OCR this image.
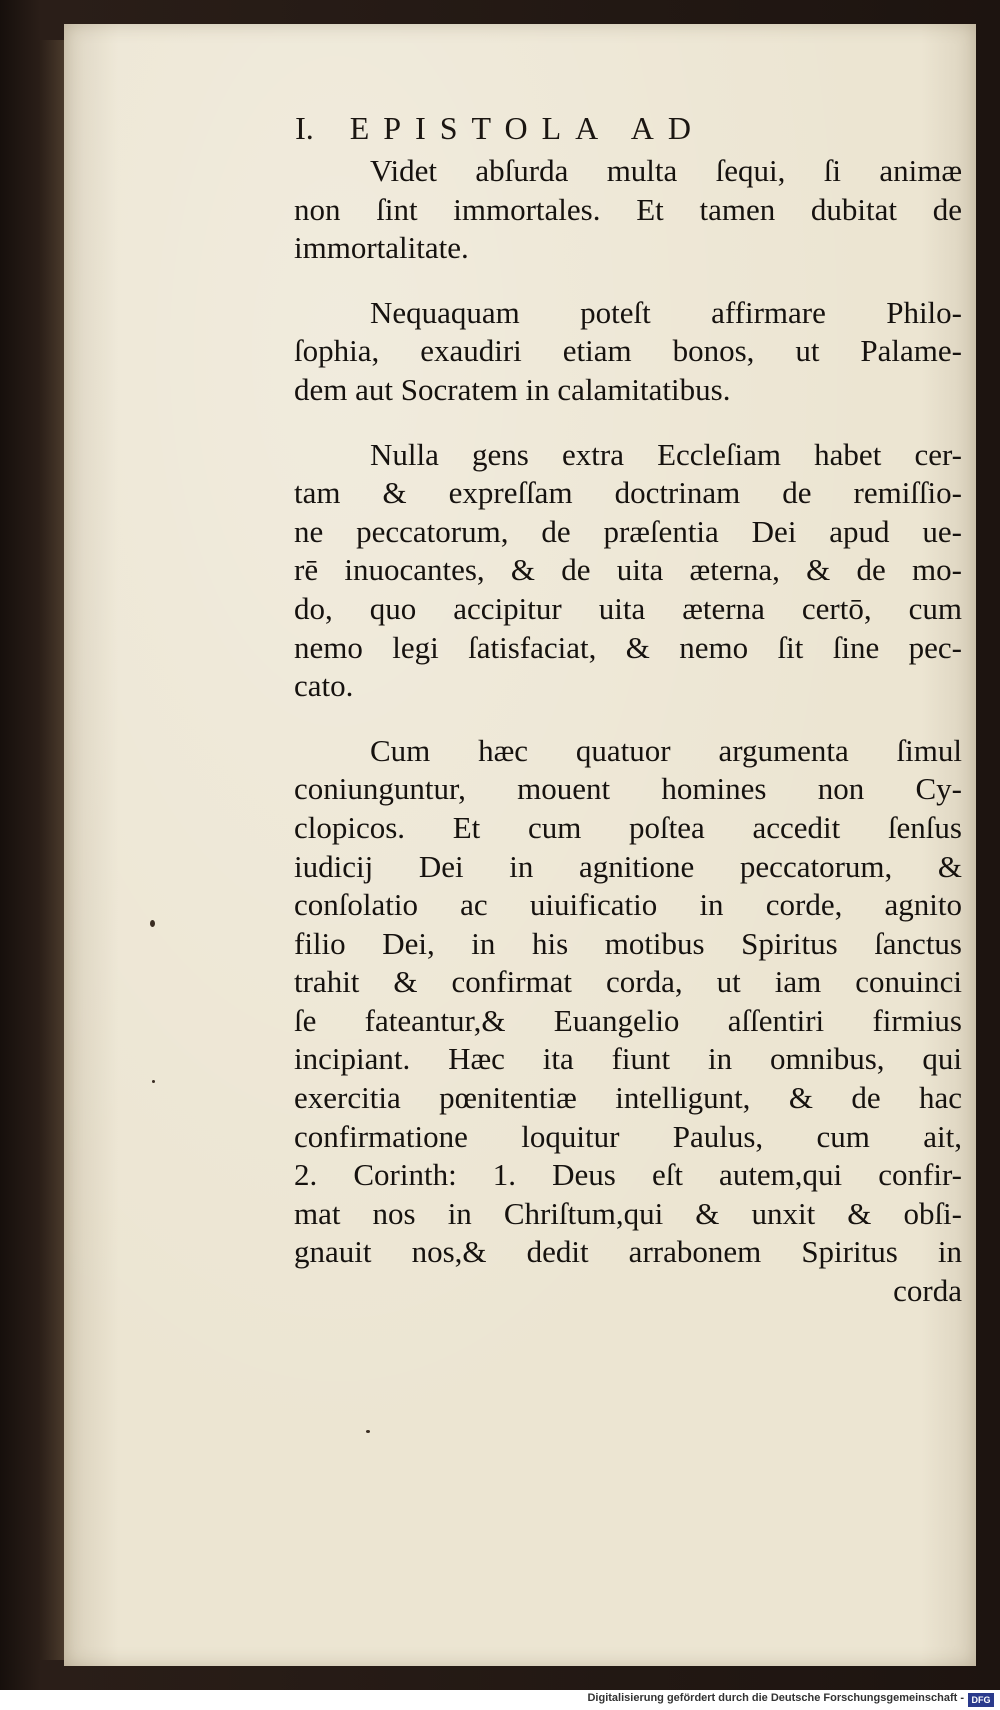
I. EPISTOLA AD

Videt abſurda multa ſequi, ſi animæ
non ſint immortales. Et tamen dubitat de
immortalitate.

Nequaquam poteſt affirmare Philo-
ſophia, exaudiri etiam bonos, ut Palame-
dem aut Socratem in calamitatibus.

Nulla gens extra Eccleſiam habet cer-
tam & expreſſam doctrinam de remiſſio-
ne peccatorum, de præſentia Dei apud ue-
rē inuocantes, & de uita æterna, & de mo-
do, quo accipitur uita æterna certō, cum
nemo legi ſatisfaciat, & nemo ſit ſine pec-
cato.

Cum hæc quatuor argumenta ſimul
coniunguntur, mouent homines non Cy-
clopicos. Et cum poſtea accedit ſenſus
iudicij Dei in agnitione peccatorum, &
conſolatio ac uiuificatio in corde, agnito
filio Dei, in his motibus Spiritus ſanctus
trahit & confirmat corda, ut iam conuinci
ſe fateantur,& Euangelio aſſentiri firmius
incipiant. Hæc ita fiunt in omnibus, qui
exercitia pœnitentiæ intelligunt, & de hac
confirmatione loquitur Paulus, cum ait,
2. Corinth: 1. Deus eſt autem,qui confir-
mat nos in Chriſtum,qui & unxit & obſi-
gnauit nos,& dedit arrabonem Spiritus in
corda

Digitalisierung gefördert durch die Deutsche Forschungsgemeinschaft - DFG
